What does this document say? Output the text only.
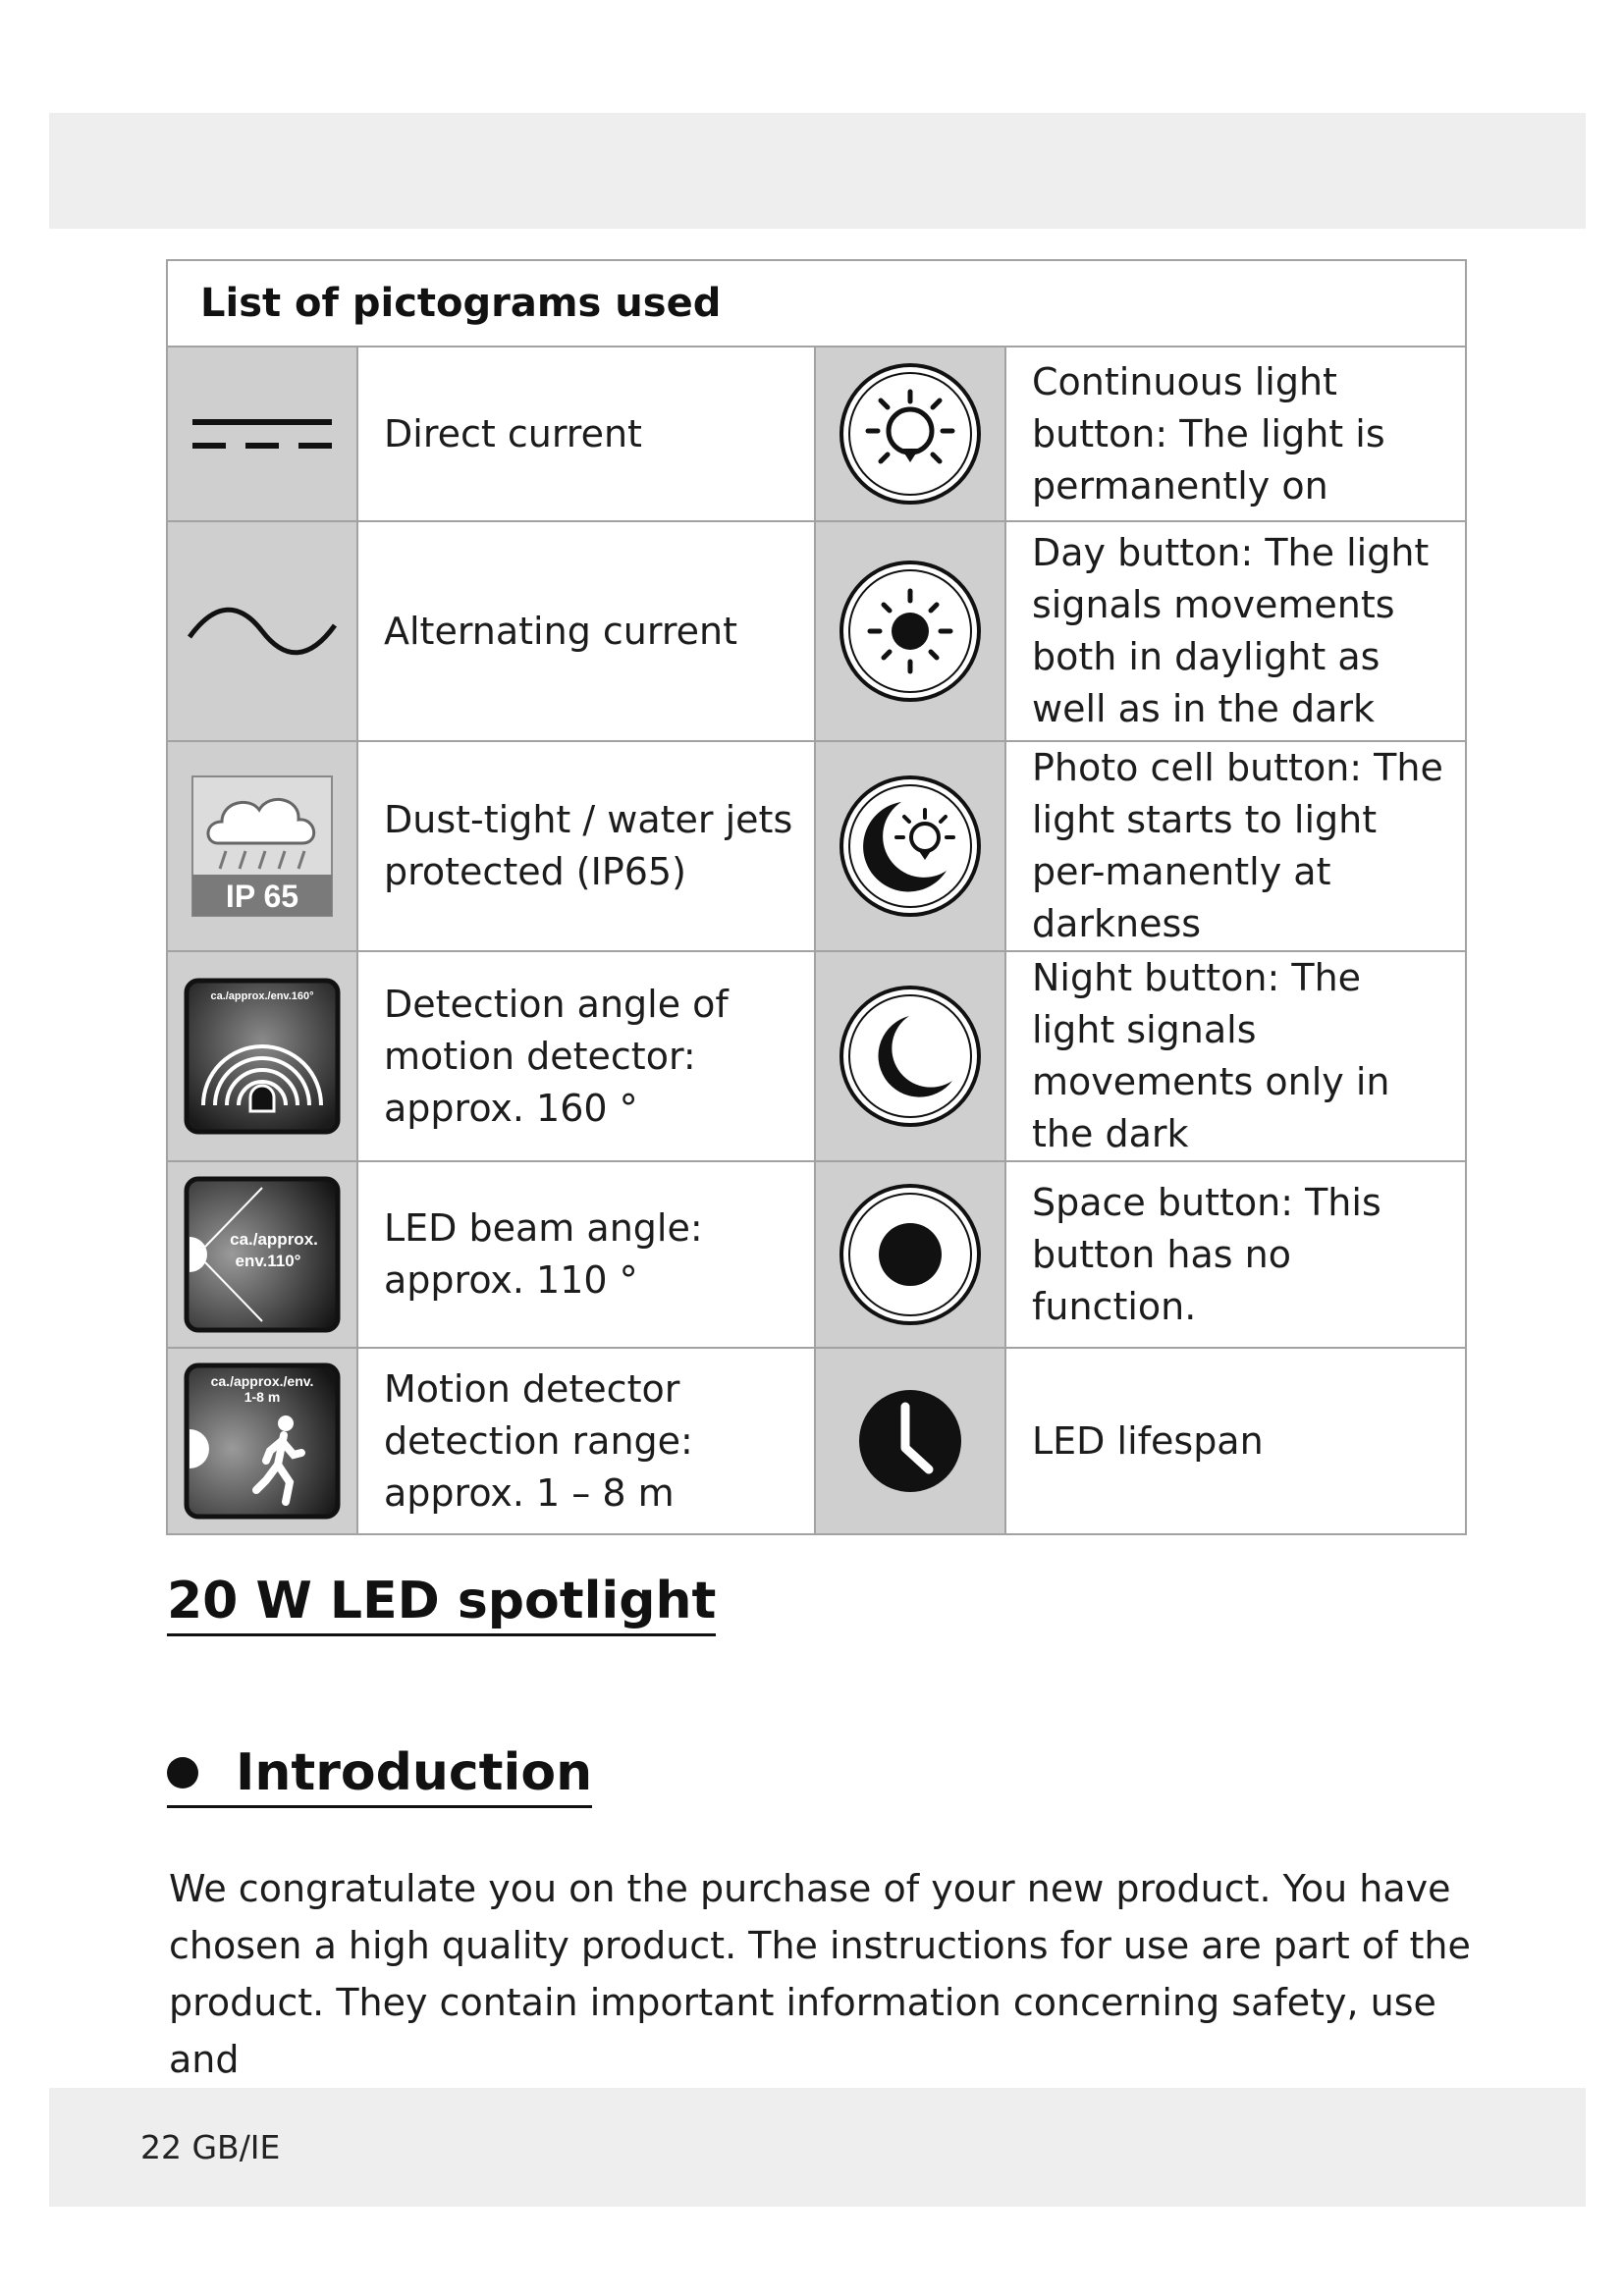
List of pictograms used			

	Direct current		Continuous light button: The light is permanently on

	Alternating current		Day button: The light signals movements both in daylight as well as in the dark

IP 65	Dust-tight / water jets protected (IP65)		Photo cell button: The light starts to light per-manently at darkness

ca./approx./env.160°	Detection angle of motion detector: approx. 160 °		Night button: The light signals movements only in the dark

ca./approx.
env.110°	LED beam angle: approx. 110 °		Space button: This button has no function.

ca./approx./env.
1-8 m	Motion detector detection range: approx. 1 – 8 m		LED lifespan
20 W LED spotlight
Introduction

We congratulate you on the purchase of your new product. You have chosen a high quality product. The instructions for use are part of the product. They contain important information concerning safety, use and

22 GB/IE
